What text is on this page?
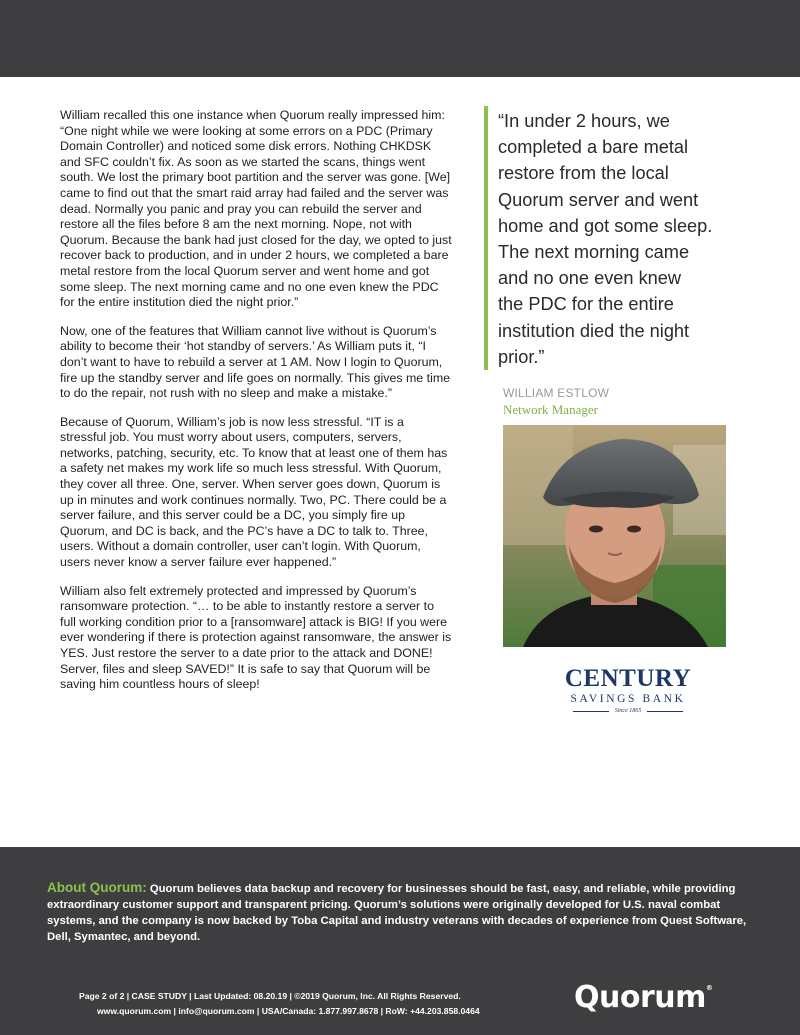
William recalled this one instance when Quorum really impressed him: “One night while we were looking at some errors on a PDC (Primary Domain Controller) and noticed some disk errors. Nothing CHKDSK and SFC couldn’t fix. As soon as we started the scans, things went south. We lost the primary boot partition and the server was gone. [We] came to find out that the smart raid array had failed and the server was dead. Normally you panic and pray you can rebuild the server and restore all the files before 8 am the next morning. Nope, not with Quorum. Because the bank had just closed for the day, we opted to just recover back to production, and in under 2 hours, we completed a bare metal restore from the local Quorum server and went home and got some sleep. The next morning came and no one even knew the PDC for the entire institution died the night prior.”

Now, one of the features that William cannot live without is Quorum’s ability to become their ‘hot standby of servers.’ As William puts it, “I don’t want to have to rebuild a server at 1 AM. Now I login to Quorum, fire up the standby server and life goes on normally. This gives me time to do the repair, not rush with no sleep and make a mistake.”

Because of Quorum, William’s job is now less stressful. “IT is a stressful job. You must worry about users, computers, servers, networks, patching, security, etc. To know that at least one of them has a safety net makes my work life so much less stressful. With Quorum, they cover all three. One, server. When server goes down, Quorum is up in minutes and work continues normally. Two, PC. There could be a server failure, and this server could be a DC, you simply fire up Quorum, and DC is back, and the PC’s have a DC to talk to. Three, users. Without a domain controller, user can’t login. With Quorum, users never know a server failure ever happened.”

William also felt extremely protected and impressed by Quorum’s ransomware protection. “… to be able to instantly restore a server to full working condition prior to a [ransomware] attack is BIG! If you were ever wondering if there is protection against ransomware, the answer is YES. Just restore the server to a date prior to the attack and DONE! Server, files and sleep SAVED!” It is safe to say that Quorum will be saving him countless hours of sleep!

“In under 2 hours, we
completed a bare metal
restore from the local
Quorum server and went
home and got some sleep.
The next morning came
and no one even knew
the PDC for the entire
institution died the night
prior.”
WILLIAM ESTLOW
Network Manager
CENTURY
SAVINGS BANK
Since 1865
About Quorum: Quorum believes data backup and recovery for businesses should be fast, easy, and reliable, while providing extraordinary customer support and transparent pricing. Quorum’s solutions were originally developed for U.S. naval combat systems, and the company is now backed by Toba Capital and industry veterans with decades of experience from Quest Software, Dell, Symantec, and beyond.
Page 2 of 2 | CASE STUDY | Last Updated: 08.20.19 | ©2019 Quorum, Inc. All Rights Reserved.
www.quorum.com | info@quorum.com | USA/Canada: 1.877.997.8678 | RoW: +44.203.858.0464	Quorum®
